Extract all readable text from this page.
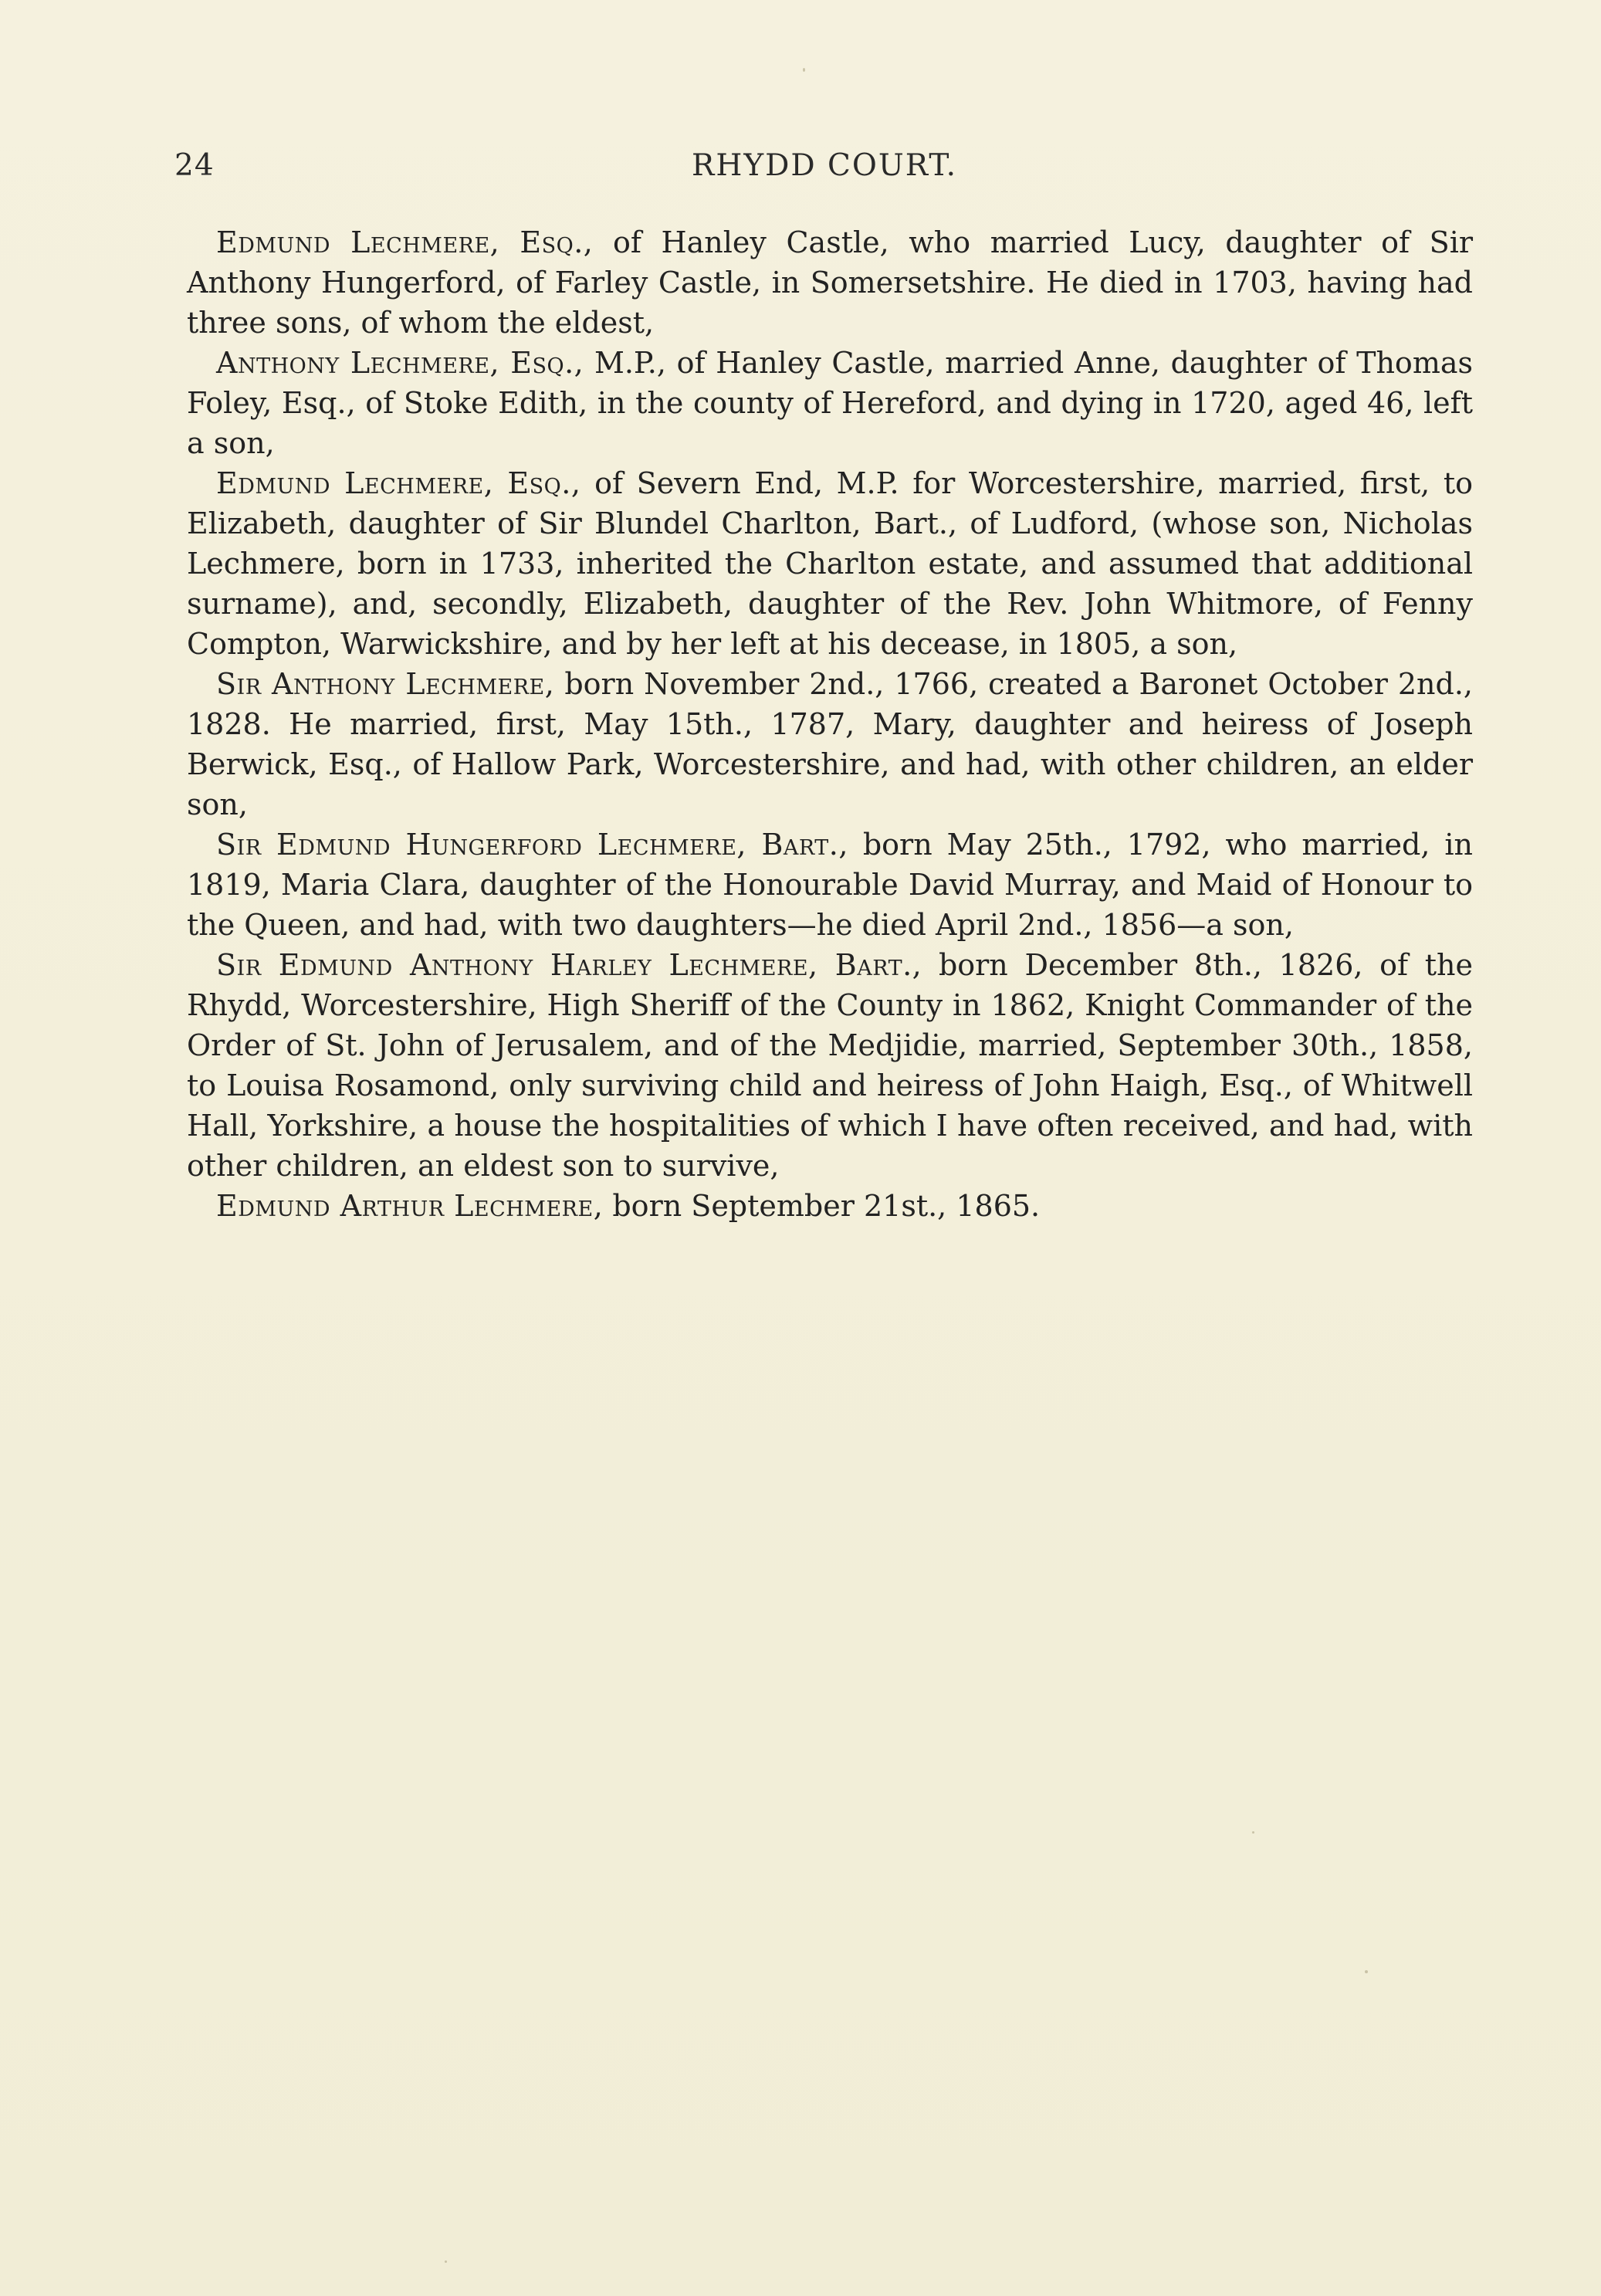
24	RHYDD COURT.

Edmund Lechmere, Esq., of Hanley Castle, who married Lucy, daughter of Sir Anthony Hungerford, of Farley Castle, in Somersetshire. He died in 1703, having had three sons, of whom the eldest,

Anthony Lechmere, Esq., M.P., of Hanley Castle, married Anne, daughter of Thomas Foley, Esq., of Stoke Edith, in the county of Hereford, and dying in 1720, aged 46, left a son,

Edmund Lechmere, Esq., of Severn End, M.P. for Worcestershire, married, first, to Elizabeth, daughter of Sir Blundel Charlton, Bart., of Ludford, (whose son, Nicholas Lechmere, born in 1733, inherited the Charlton estate, and assumed that additional surname), and, secondly, Elizabeth, daughter of the Rev. John Whitmore, of Fenny Compton, Warwickshire, and by her left at his decease, in 1805, a son,

Sir Anthony Lechmere, born November 2nd., 1766, created a Baronet October 2nd., 1828. He married, first, May 15th., 1787, Mary, daughter and heiress of Joseph Berwick, Esq., of Hallow Park, Worcestershire, and had, with other children, an elder son,

Sir Edmund Hungerford Lechmere, Bart., born May 25th., 1792, who married, in 1819, Maria Clara, daughter of the Honourable David Murray, and Maid of Honour to the Queen, and had, with two daughters—he died April 2nd., 1856—a son,

Sir Edmund Anthony Harley Lechmere, Bart., born December 8th., 1826, of the Rhydd, Worcestershire, High Sheriff of the County in 1862, Knight Commander of the Order of St. John of Jerusalem, and of the Medjidie, married, September 30th., 1858, to Louisa Rosamond, only surviving child and heiress of John Haigh, Esq., of Whitwell Hall, Yorkshire, a house the hospitalities of which I have often received, and had, with other children, an eldest son to survive,

Edmund Arthur Lechmere, born September 21st., 1865.
